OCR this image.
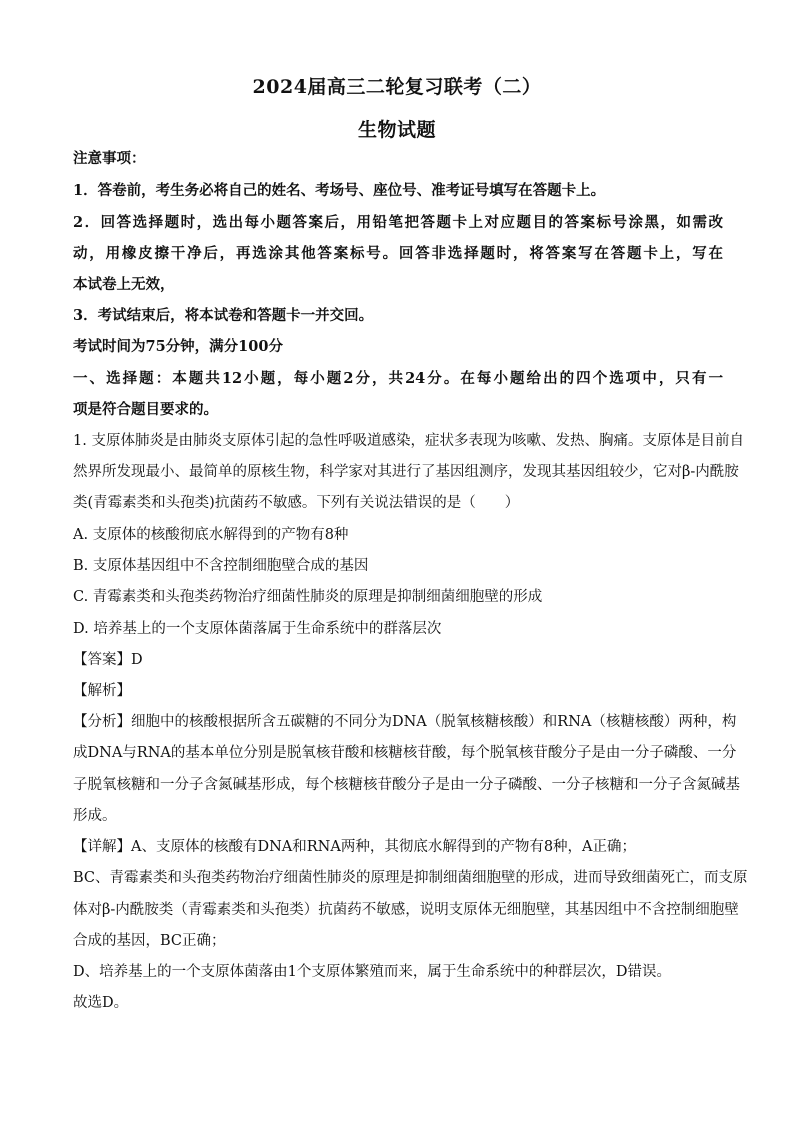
2024届高三二轮复习联考（二）
生物试题
注意事项：
1．答卷前，考生务必将自己的姓名、考场号、座位号、准考证号填写在答题卡上。
2．回答选择题时，选出每小题答案后，用铅笔把答题卡上对应题目的答案标号涂黑，如需改
动，用橡皮擦干净后，再选涂其他答案标号。回答非选择题时，将答案写在答题卡上，写在
本试卷上无效，
3．考试结束后，将本试卷和答题卡一并交回。
考试时间为75分钟，满分100分
一、选择题：本题共12小题，每小题2分，共24分。在每小题给出的四个选项中，只有一
项是符合题目要求的。
1. 支原体肺炎是由肺炎支原体引起的急性呼吸道感染，症状多表现为咳嗽、发热、胸痛。支原体是目前自
然界所发现最小、最简单的原核生物，科学家对其进行了基因组测序，发现其基因组较少，它对β-内酰胺
类(青霉素类和头孢类)抗菌药不敏感。下列有关说法错误的是（　　）
A. 支原体的核酸彻底水解得到的产物有8种
B. 支原体基因组中不含控制细胞壁合成的基因
C. 青霉素类和头孢类药物治疗细菌性肺炎的原理是抑制细菌细胞壁的形成
D. 培养基上的一个支原体菌落属于生命系统中的群落层次
【答案】D
【解析】
【分析】细胞中的核酸根据所含五碳糖的不同分为DNA（脱氧核糖核酸）和RNA（核糖核酸）两种，构
成DNA与RNA的基本单位分别是脱氧核苷酸和核糖核苷酸，每个脱氧核苷酸分子是由一分子磷酸、一分
子脱氧核糖和一分子含氮碱基形成，每个核糖核苷酸分子是由一分子磷酸、一分子核糖和一分子含氮碱基
形成。
【详解】A、支原体的核酸有DNA和RNA两种，其彻底水解得到的产物有8种，A正确；
BC、青霉素类和头孢类药物治疗细菌性肺炎的原理是抑制细菌细胞壁的形成，进而导致细菌死亡，而支原
体对β-内酰胺类（青霉素类和头孢类）抗菌药不敏感，说明支原体无细胞壁，其基因组中不含控制细胞壁
合成的基因，BC正确；
D、培养基上的一个支原体菌落由1个支原体繁殖而来，属于生命系统中的种群层次，D错误。
故选D。
